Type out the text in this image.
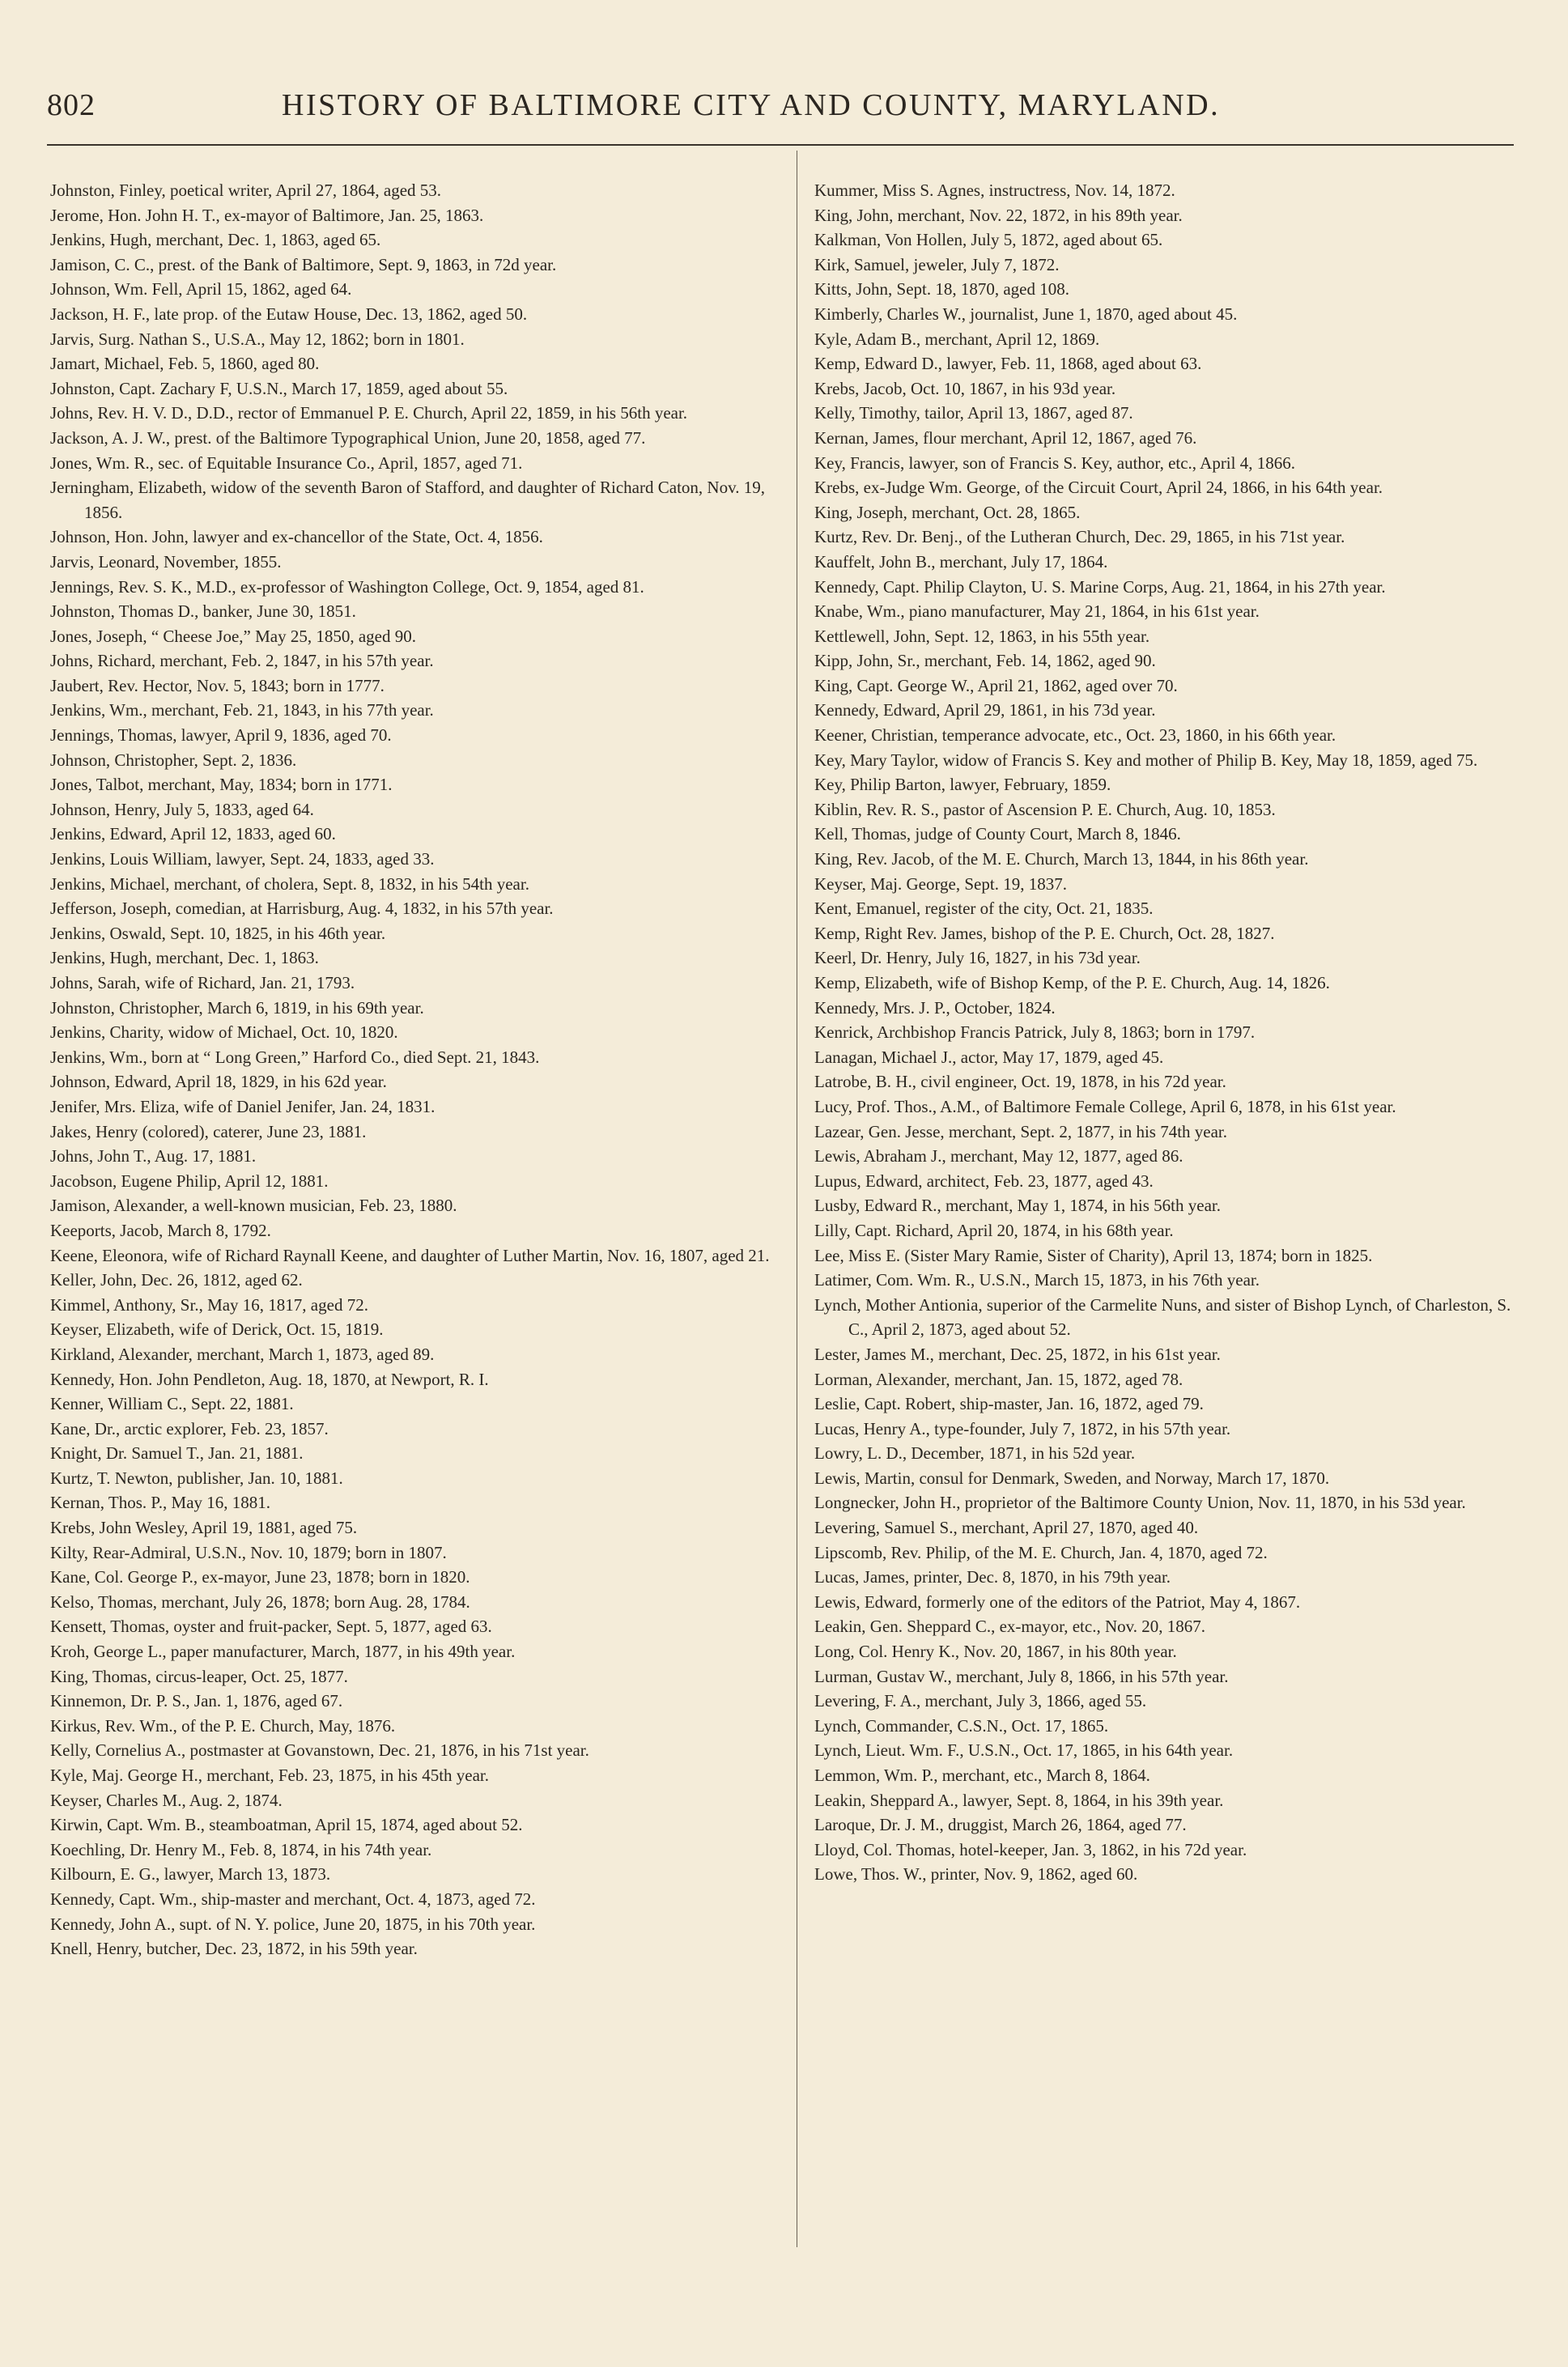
802	HISTORY OF BALTIMORE CITY AND COUNTY, MARYLAND.
Johnston, Finley, poetical writer, April 27, 1864, aged 53.
Jerome, Hon. John H. T., ex-mayor of Baltimore, Jan. 25, 1863.
Jenkins, Hugh, merchant, Dec. 1, 1863, aged 65.
Jamison, C. C., prest. of the Bank of Baltimore, Sept. 9, 1863, in 72d year.
Johnson, Wm. Fell, April 15, 1862, aged 64.
Jackson, H. F., late prop. of the Eutaw House, Dec. 13, 1862, aged 50.
Jarvis, Surg. Nathan S., U.S.A., May 12, 1862; born in 1801.
Jamart, Michael, Feb. 5, 1860, aged 80.
Johnston, Capt. Zachary F, U.S.N., March 17, 1859, aged about 55.
Johns, Rev. H. V. D., D.D., rector of Emmanuel P. E. Church, April 22, 1859, in his 56th year.
Jackson, A. J. W., prest. of the Baltimore Typographical Union, June 20, 1858, aged 77.
Jones, Wm. R., sec. of Equitable Insurance Co., April, 1857, aged 71.
Jerningham, Elizabeth, widow of the seventh Baron of Stafford, and daughter of Richard Caton, Nov. 19, 1856.
Johnson, Hon. John, lawyer and ex-chancellor of the State, Oct. 4, 1856.
Jarvis, Leonard, November, 1855.
Jennings, Rev. S. K., M.D., ex-professor of Washington College, Oct. 9, 1854, aged 81.
Johnston, Thomas D., banker, June 30, 1851.
Jones, Joseph, “ Cheese Joe,” May 25, 1850, aged 90.
Johns, Richard, merchant, Feb. 2, 1847, in his 57th year.
Jaubert, Rev. Hector, Nov. 5, 1843; born in 1777.
Jenkins, Wm., merchant, Feb. 21, 1843, in his 77th year.
Jennings, Thomas, lawyer, April 9, 1836, aged 70.
Johnson, Christopher, Sept. 2, 1836.
Jones, Talbot, merchant, May, 1834; born in 1771.
Johnson, Henry, July 5, 1833, aged 64.
Jenkins, Edward, April 12, 1833, aged 60.
Jenkins, Louis William, lawyer, Sept. 24, 1833, aged 33.
Jenkins, Michael, merchant, of cholera, Sept. 8, 1832, in his 54th year.
Jefferson, Joseph, comedian, at Harrisburg, Aug. 4, 1832, in his 57th year.
Jenkins, Oswald, Sept. 10, 1825, in his 46th year.
Jenkins, Hugh, merchant, Dec. 1, 1863.
Johns, Sarah, wife of Richard, Jan. 21, 1793.
Johnston, Christopher, March 6, 1819, in his 69th year.
Jenkins, Charity, widow of Michael, Oct. 10, 1820.
Jenkins, Wm., born at “ Long Green,” Harford Co., died Sept. 21, 1843.
Johnson, Edward, April 18, 1829, in his 62d year.
Jenifer, Mrs. Eliza, wife of Daniel Jenifer, Jan. 24, 1831.
Jakes, Henry (colored), caterer, June 23, 1881.
Johns, John T., Aug. 17, 1881.
Jacobson, Eugene Philip, April 12, 1881.
Jamison, Alexander, a well-known musician, Feb. 23, 1880.
Keeports, Jacob, March 8, 1792.
Keene, Eleonora, wife of Richard Raynall Keene, and daughter of Luther Martin, Nov. 16, 1807, aged 21.
Keller, John, Dec. 26, 1812, aged 62.
Kimmel, Anthony, Sr., May 16, 1817, aged 72.
Keyser, Elizabeth, wife of Derick, Oct. 15, 1819.
Kirkland, Alexander, merchant, March 1, 1873, aged 89.
Kennedy, Hon. John Pendleton, Aug. 18, 1870, at Newport, R. I.
Kenner, William C., Sept. 22, 1881.
Kane, Dr., arctic explorer, Feb. 23, 1857.
Knight, Dr. Samuel T., Jan. 21, 1881.
Kurtz, T. Newton, publisher, Jan. 10, 1881.
Kernan, Thos. P., May 16, 1881.
Krebs, John Wesley, April 19, 1881, aged 75.
Kilty, Rear-Admiral, U.S.N., Nov. 10, 1879; born in 1807.
Kane, Col. George P., ex-mayor, June 23, 1878; born in 1820.
Kelso, Thomas, merchant, July 26, 1878; born Aug. 28, 1784.
Kensett, Thomas, oyster and fruit-packer, Sept. 5, 1877, aged 63.
Kroh, George L., paper manufacturer, March, 1877, in his 49th year.
King, Thomas, circus-leaper, Oct. 25, 1877.
Kinnemon, Dr. P. S., Jan. 1, 1876, aged 67.
Kirkus, Rev. Wm., of the P. E. Church, May, 1876.
Kelly, Cornelius A., postmaster at Govanstown, Dec. 21, 1876, in his 71st year.
Kyle, Maj. George H., merchant, Feb. 23, 1875, in his 45th year.
Keyser, Charles M., Aug. 2, 1874.
Kirwin, Capt. Wm. B., steamboatman, April 15, 1874, aged about 52.
Koechling, Dr. Henry M., Feb. 8, 1874, in his 74th year.
Kilbourn, E. G., lawyer, March 13, 1873.
Kennedy, Capt. Wm., ship-master and merchant, Oct. 4, 1873, aged 72.
Kennedy, John A., supt. of N. Y. police, June 20, 1875, in his 70th year.
Knell, Henry, butcher, Dec. 23, 1872, in his 59th year.
Kummer, Miss S. Agnes, instructress, Nov. 14, 1872.
King, John, merchant, Nov. 22, 1872, in his 89th year.
Kalkman, Von Hollen, July 5, 1872, aged about 65.
Kirk, Samuel, jeweler, July 7, 1872.
Kitts, John, Sept. 18, 1870, aged 108.
Kimberly, Charles W., journalist, June 1, 1870, aged about 45.
Kyle, Adam B., merchant, April 12, 1869.
Kemp, Edward D., lawyer, Feb. 11, 1868, aged about 63.
Krebs, Jacob, Oct. 10, 1867, in his 93d year.
Kelly, Timothy, tailor, April 13, 1867, aged 87.
Kernan, James, flour merchant, April 12, 1867, aged 76.
Key, Francis, lawyer, son of Francis S. Key, author, etc., April 4, 1866.
Krebs, ex-Judge Wm. George, of the Circuit Court, April 24, 1866, in his 64th year.
King, Joseph, merchant, Oct. 28, 1865.
Kurtz, Rev. Dr. Benj., of the Lutheran Church, Dec. 29, 1865, in his 71st year.
Kauffelt, John B., merchant, July 17, 1864.
Kennedy, Capt. Philip Clayton, U. S. Marine Corps, Aug. 21, 1864, in his 27th year.
Knabe, Wm., piano manufacturer, May 21, 1864, in his 61st year.
Kettlewell, John, Sept. 12, 1863, in his 55th year.
Kipp, John, Sr., merchant, Feb. 14, 1862, aged 90.
King, Capt. George W., April 21, 1862, aged over 70.
Kennedy, Edward, April 29, 1861, in his 73d year.
Keener, Christian, temperance advocate, etc., Oct. 23, 1860, in his 66th year.
Key, Mary Taylor, widow of Francis S. Key and mother of Philip B. Key, May 18, 1859, aged 75.
Key, Philip Barton, lawyer, February, 1859.
Kiblin, Rev. R. S., pastor of Ascension P. E. Church, Aug. 10, 1853.
Kell, Thomas, judge of County Court, March 8, 1846.
King, Rev. Jacob, of the M. E. Church, March 13, 1844, in his 86th year.
Keyser, Maj. George, Sept. 19, 1837.
Kent, Emanuel, register of the city, Oct. 21, 1835.
Kemp, Right Rev. James, bishop of the P. E. Church, Oct. 28, 1827.
Keerl, Dr. Henry, July 16, 1827, in his 73d year.
Kemp, Elizabeth, wife of Bishop Kemp, of the P. E. Church, Aug. 14, 1826.
Kennedy, Mrs. J. P., October, 1824.
Kenrick, Archbishop Francis Patrick, July 8, 1863; born in 1797.
Lanagan, Michael J., actor, May 17, 1879, aged 45.
Latrobe, B. H., civil engineer, Oct. 19, 1878, in his 72d year.
Lucy, Prof. Thos., A.M., of Baltimore Female College, April 6, 1878, in his 61st year.
Lazear, Gen. Jesse, merchant, Sept. 2, 1877, in his 74th year.
Lewis, Abraham J., merchant, May 12, 1877, aged 86.
Lupus, Edward, architect, Feb. 23, 1877, aged 43.
Lusby, Edward R., merchant, May 1, 1874, in his 56th year.
Lilly, Capt. Richard, April 20, 1874, in his 68th year.
Lee, Miss E. (Sister Mary Ramie, Sister of Charity), April 13, 1874; born in 1825.
Latimer, Com. Wm. R., U.S.N., March 15, 1873, in his 76th year.
Lynch, Mother Antionia, superior of the Carmelite Nuns, and sister of Bishop Lynch, of Charleston, S. C., April 2, 1873, aged about 52.
Lester, James M., merchant, Dec. 25, 1872, in his 61st year.
Lorman, Alexander, merchant, Jan. 15, 1872, aged 78.
Leslie, Capt. Robert, ship-master, Jan. 16, 1872, aged 79.
Lucas, Henry A., type-founder, July 7, 1872, in his 57th year.
Lowry, L. D., December, 1871, in his 52d year.
Lewis, Martin, consul for Denmark, Sweden, and Norway, March 17, 1870.
Longnecker, John H., proprietor of the Baltimore County Union, Nov. 11, 1870, in his 53d year.
Levering, Samuel S., merchant, April 27, 1870, aged 40.
Lipscomb, Rev. Philip, of the M. E. Church, Jan. 4, 1870, aged 72.
Lucas, James, printer, Dec. 8, 1870, in his 79th year.
Lewis, Edward, formerly one of the editors of the Patriot, May 4, 1867.
Leakin, Gen. Sheppard C., ex-mayor, etc., Nov. 20, 1867.
Long, Col. Henry K., Nov. 20, 1867, in his 80th year.
Lurman, Gustav W., merchant, July 8, 1866, in his 57th year.
Levering, F. A., merchant, July 3, 1866, aged 55.
Lynch, Commander, C.S.N., Oct. 17, 1865.
Lynch, Lieut. Wm. F., U.S.N., Oct. 17, 1865, in his 64th year.
Lemmon, Wm. P., merchant, etc., March 8, 1864.
Leakin, Sheppard A., lawyer, Sept. 8, 1864, in his 39th year.
Laroque, Dr. J. M., druggist, March 26, 1864, aged 77.
Lloyd, Col. Thomas, hotel-keeper, Jan. 3, 1862, in his 72d year.
Lowe, Thos. W., printer, Nov. 9, 1862, aged 60.
